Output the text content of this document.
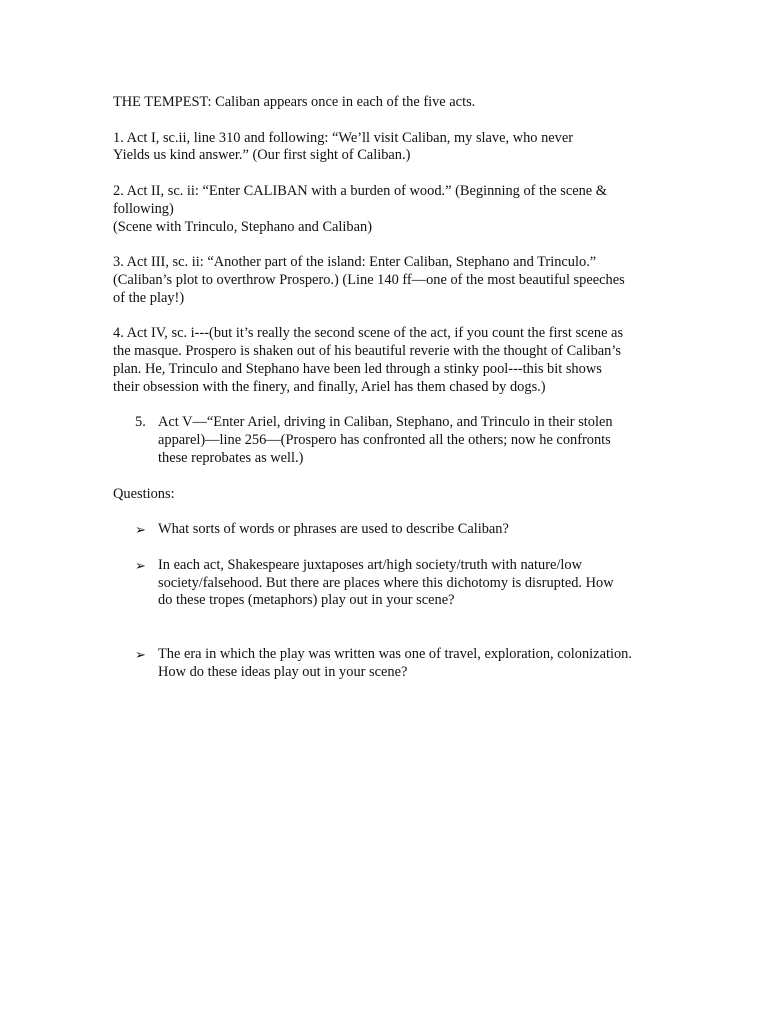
THE TEMPEST: Caliban appears once in each of the five acts.

1. Act I, sc.ii, line 310 and following: “We’ll visit Caliban, my slave, who never
Yields us kind answer.” (Our first sight of Caliban.)

2. Act II, sc. ii: “Enter CALIBAN with a burden of wood.” (Beginning of the scene &
following)
(Scene with Trinculo, Stephano and Caliban)

3. Act III, sc. ii: “Another part of the island: Enter Caliban, Stephano and Trinculo.”
(Caliban’s plot to overthrow Prospero.) (Line 140 ff—one of the most beautiful speeches
of the play!)

4. Act IV, sc. i---(but it’s really the second scene of the act, if you count the first scene as
the masque. Prospero is shaken out of his beautiful reverie with the thought of Caliban’s
plan. He, Trinculo and Stephano have been led through a stinky pool---this bit shows
their obsession with the finery, and finally, Ariel has them chased by dogs.)

5. Act V—“Enter Ariel, driving in Caliban, Stephano, and Trinculo in their stolen
apparel)—line 256—(Prospero has confronted all the others; now he confronts
these reprobates as well.)

Questions:

➢ What sorts of words or phrases are used to describe Caliban?
➢ In each act, Shakespeare juxtaposes art/high society/truth with nature/low
society/falsehood. But there are places where this dichotomy is disrupted. How
do these tropes (metaphors) play out in your scene?
➢ The era in which the play was written was one of travel, exploration, colonization.
How do these ideas play out in your scene?
